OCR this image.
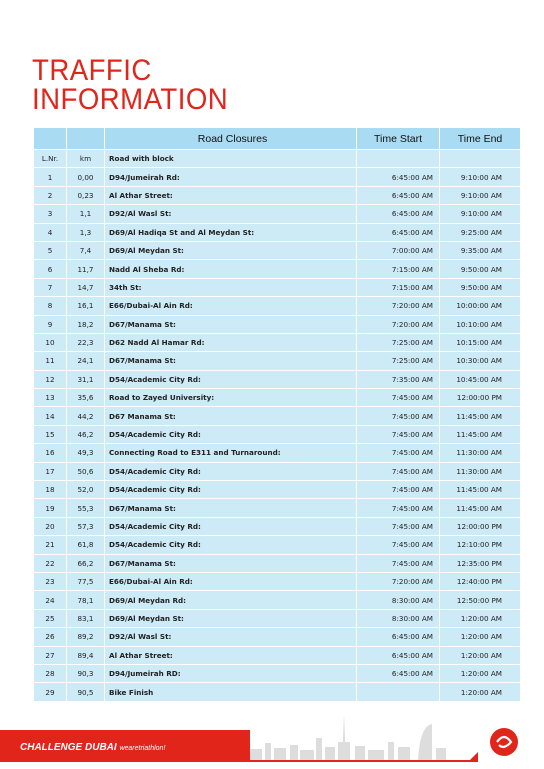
TRAFFIC
INFORMATION
		Road Closures	Time Start	Time End
L.Nr.	km	Road with block		
1	0,00	D94/Jumeirah Rd:	6:45:00 AM	9:10:00 AM
2	0,23	Al Athar Street:	6:45:00 AM	9:10:00 AM
3	1,1	D92/Al Wasl St:	6:45:00 AM	9:10:00 AM
4	1,3	D69/Al Hadiqa St and Al Meydan St:	6:45:00 AM	9:25:00 AM
5	7,4	D69/Al Meydan St:	7:00:00 AM	9:35:00 AM
6	11,7	Nadd Al Sheba Rd:	7:15:00 AM	9:50:00 AM
7	14,7	34th St:	7:15:00 AM	9:50:00 AM
8	16,1	E66/Dubai-Al Ain Rd:	7:20:00 AM	10:00:00 AM
9	18,2	D67/Manama St:	7:20:00 AM	10:10:00 AM
10	22,3	D62 Nadd Al Hamar Rd:	7:25:00 AM	10:15:00 AM
11	24,1	D67/Manama St:	7:25:00 AM	10:30:00 AM
12	31,1	D54/Academic City Rd:	7:35:00 AM	10:45:00 AM
13	35,6	Road to Zayed University:	7:45:00 AM	12:00:00 PM
14	44,2	D67 Manama St:	7:45:00 AM	11:45:00 AM
15	46,2	D54/Academic City Rd:	7:45:00 AM	11:45:00 AM
16	49,3	Connecting Road to E311 and Turnaround:	7:45:00 AM	11:30:00 AM
17	50,6	D54/Academic City Rd:	7:45:00 AM	11:30:00 AM
18	52,0	D54/Academic City Rd:	7:45:00 AM	11:45:00 AM
19	55,3	D67/Manama St:	7:45:00 AM	11:45:00 AM
20	57,3	D54/Academic City Rd:	7:45:00 AM	12:00:00 PM
21	61,8	D54/Academic City Rd:	7:45:00 AM	12:10:00 PM
22	66,2	D67/Manama St:	7:45:00 AM	12:35:00 PM
23	77,5	E66/Dubai-Al Ain Rd:	7:20:00 AM	12:40:00 PM
24	78,1	D69/Al Meydan Rd:	8:30:00 AM	12:50:00 PM
25	83,1	D69/Al Meydan St:	8:30:00 AM	1:20:00 AM
26	89,2	D92/Al Wasl St:	6:45:00 AM	1:20:00 AM
27	89,4	Al Athar Street:	6:45:00 AM	1:20:00 AM
28	90,3	D94/Jumeirah RD:	6:45:00 AM	1:20:00 AM
29	90,5	Bike Finish		1:20:00 AM
CHALLENGE DUBAI wearetriathlon!
